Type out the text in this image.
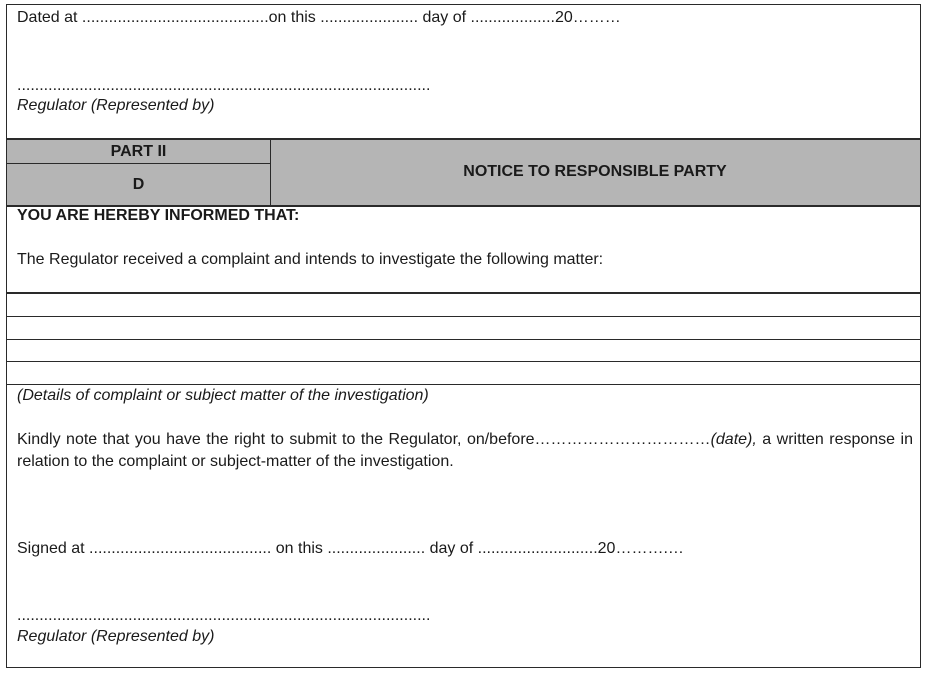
Dated at ..........................................on this ...................... day of ...................20………
.............................................................................................
Regulator (Represented by)
PART II
D
NOTICE TO RESPONSIBLE PARTY
YOU ARE HEREBY INFORMED THAT:
The Regulator received a complaint and intends to investigate the following matter:
(Details of complaint or subject matter of the investigation)
Kindly note that you have the right to submit to the Regulator, on/before……………………………(date), a written response in relation to the complaint or subject-matter of the investigation.
Signed at ......................................... on this ...................... day of ...........................20……….…
.............................................................................................
Regulator (Represented by)
